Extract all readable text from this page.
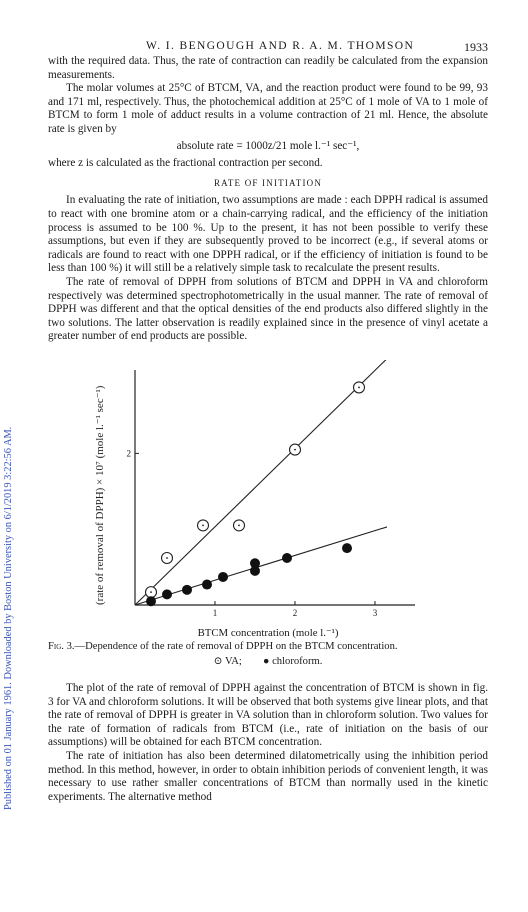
W. I. BENGOUGH AND R. A. M. THOMSON	1933
Published on 01 January 1961. Downloaded by Boston University on 6/1/2019 3:22:56 AM.

with the required data. Thus, the rate of contraction can readily be calculated from the expansion measurements.

The molar volumes at 25°C of BTCM, VA, and the reaction product were found to be 99, 93 and 171 ml, respectively. Thus, the photochemical addition at 25°C of 1 mole of VA to 1 mole of BTCM to form 1 mole of adduct results in a volume contraction of 21 ml. Hence, the absolute rate is given by

absolute rate = 1000z/21 mole l.⁻¹ sec⁻¹,

where z is calculated as the fractional contraction per second.

RATE OF INITIATION

In evaluating the rate of initiation, two assumptions are made : each DPPH radical is assumed to react with one bromine atom or a chain-carrying radical, and the efficiency of the initiation process is assumed to be 100 %. Up to the present, it has not been possible to verify these assumptions, but even if they are subsequently proved to be incorrect (e.g., if several atoms or radicals are found to react with one DPPH radical, or if the efficiency of initiation is found to be less than 100 %) it will still be a relatively simple task to recalculate the present results.

The rate of removal of DPPH from solutions of BTCM and DPPH in VA and chloroform respectively was determined spectrophotometrically in the usual manner. The rate of removal of DPPH was different and that the optical densities of the end products also differed slightly in the two solutions. The latter observation is readily explained since in the presence of vinyl acetate a greater number of end products are possible.

1	2	3
2
(rate of removal of DPPH) × 10⁷ (mole l.⁻¹ sec⁻¹)
BTCM concentration (mole l.⁻¹)
Fig. 3.—Dependence of the rate of removal of DPPH on the BTCM concentration.
⊙ VA; ● chloroform.

The plot of the rate of removal of DPPH against the concentration of BTCM is shown in fig. 3 for VA and chloroform solutions. It will be observed that both systems give linear plots, and that the rate of removal of DPPH is greater in VA solution than in chloroform solution. Two values for the rate of formation of radicals from BTCM (i.e., rate of initiation on the basis of our assumptions) will be obtained for each BTCM concentration.

The rate of initiation has also been determined dilatometrically using the inhibition period method. In this method, however, in order to obtain inhibition periods of convenient length, it was necessary to use rather smaller concentrations of BTCM than normally used in the kinetic experiments. The alternative method
